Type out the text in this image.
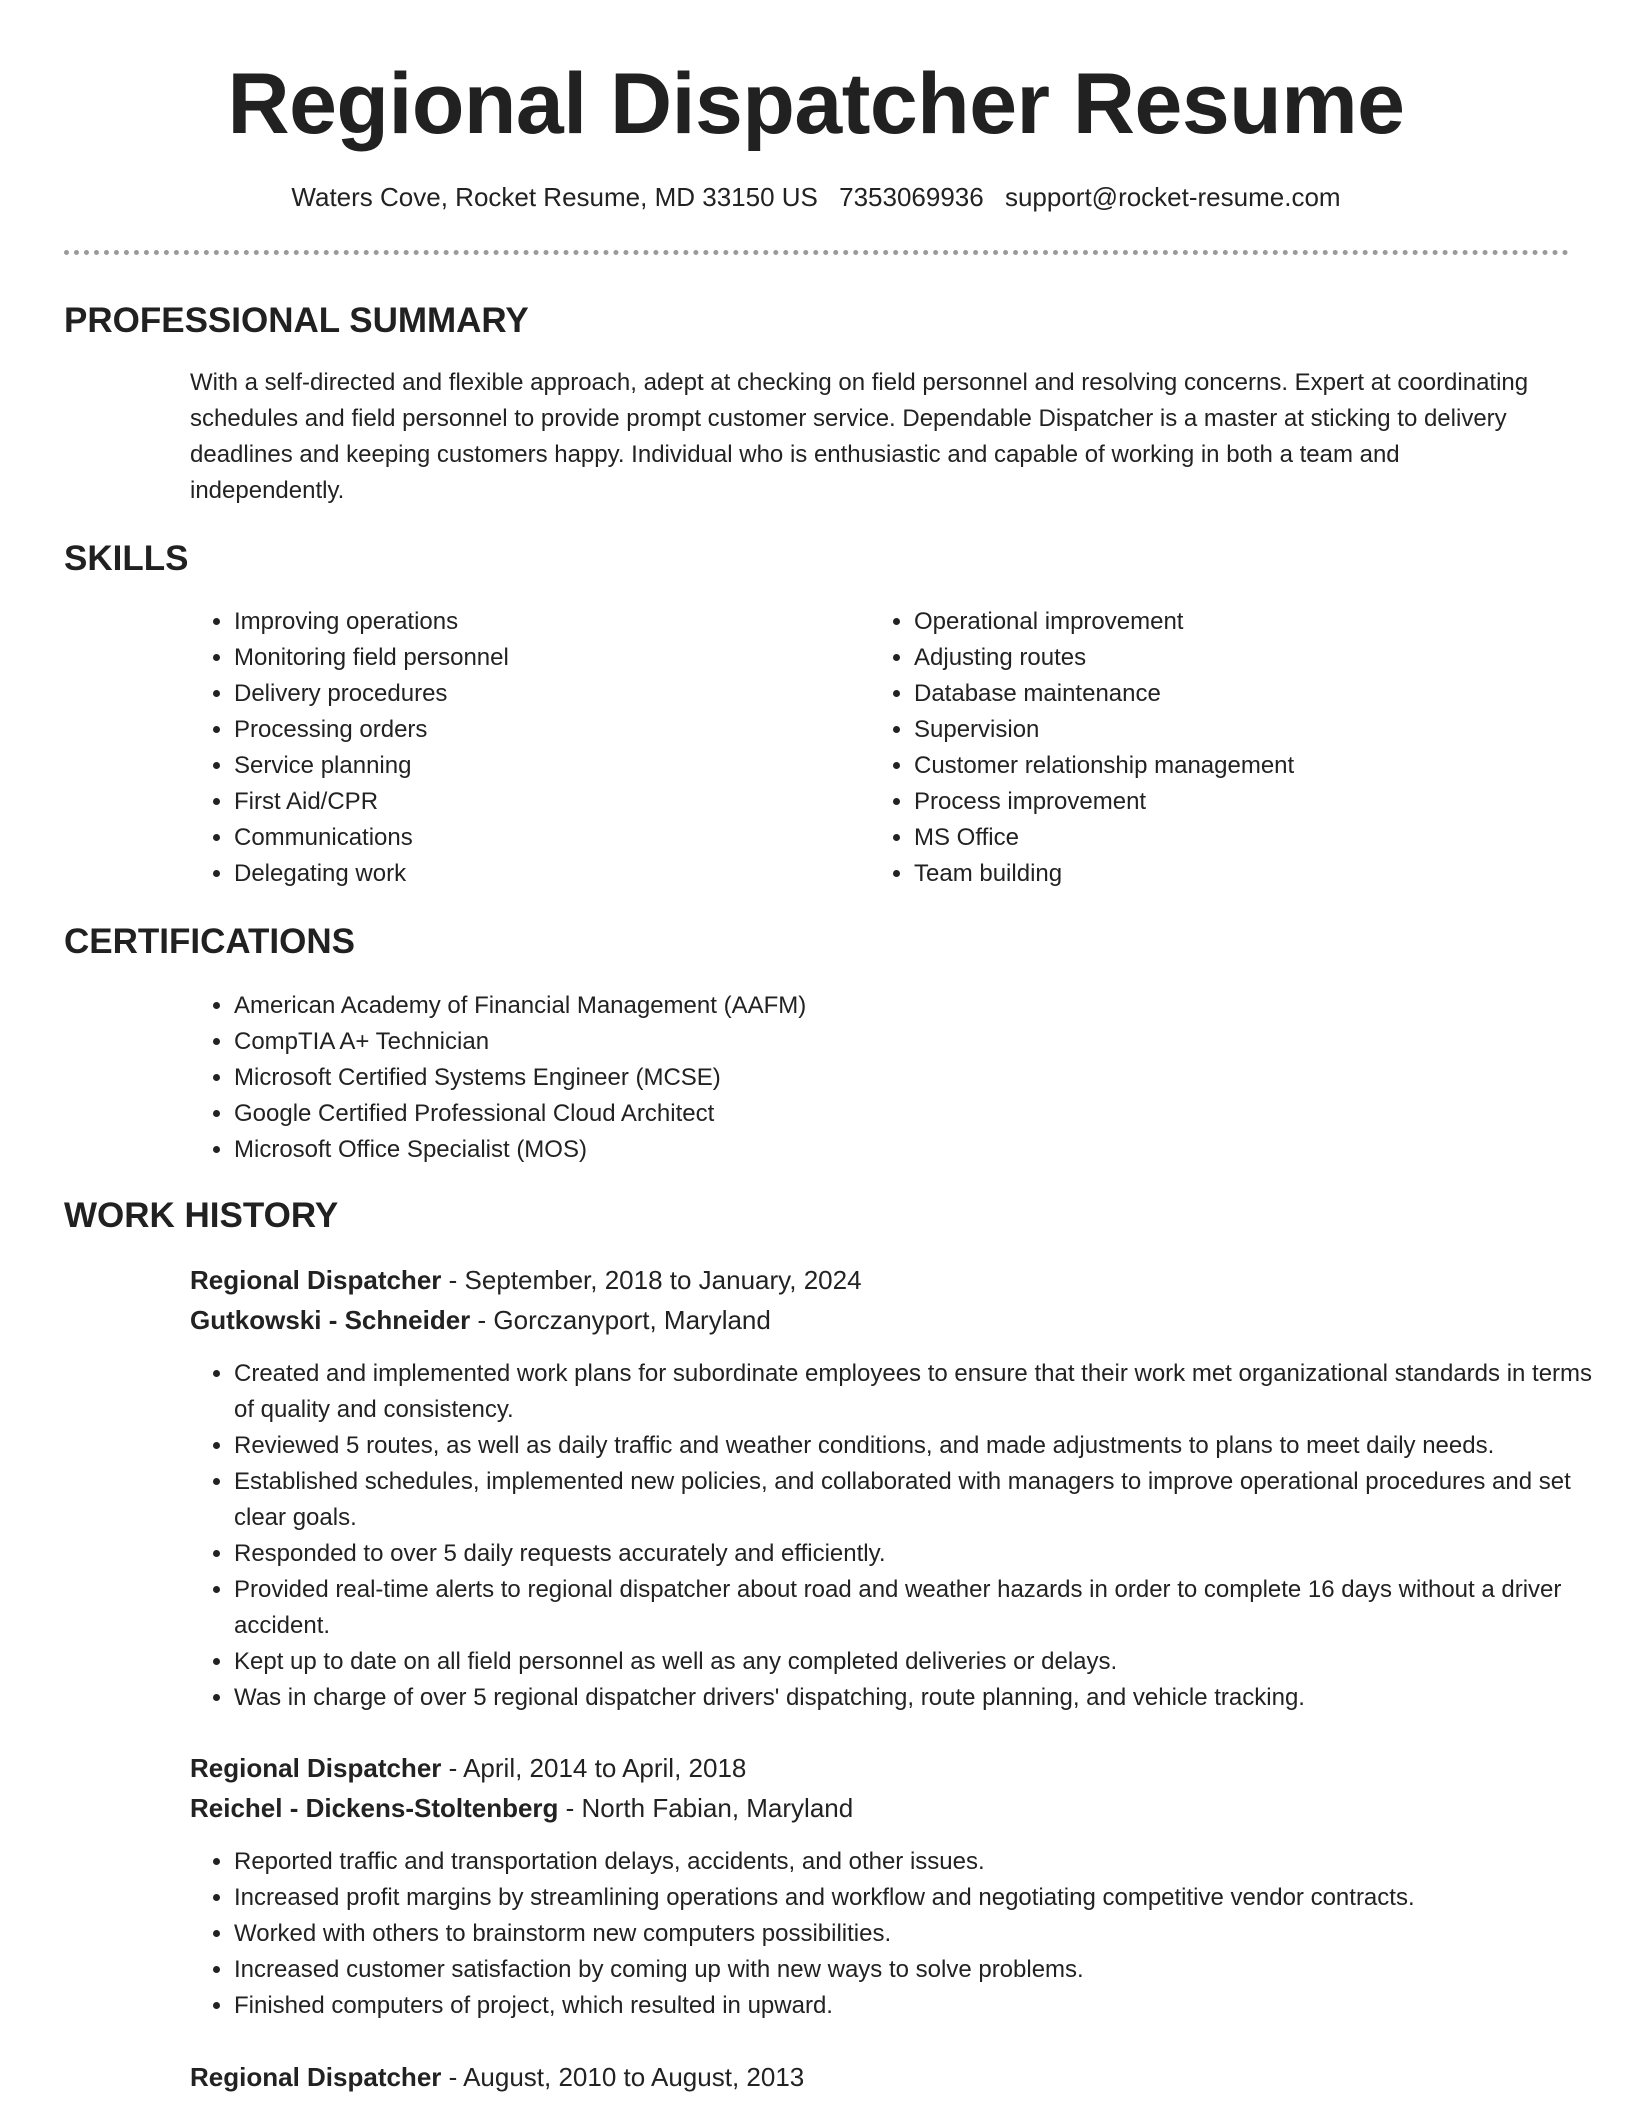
Regional Dispatcher Resume
Waters Cove, Rocket Resume, MD 33150 US 7353069936 support@rocket-resume.com
PROFESSIONAL SUMMARY

With a self-directed and flexible approach, adept at checking on field personnel and resolving concerns. Expert at coordinating schedules and field personnel to provide prompt customer service. Dependable Dispatcher is a master at sticking to delivery deadlines and keeping customers happy. Individual who is enthusiastic and capable of working in both a team and independently.

SKILLS
• Improving operations
• Monitoring field personnel
• Delivery procedures
• Processing orders
• Service planning
• First Aid/CPR
• Communications
• Delegating work
• Operational improvement
• Adjusting routes
• Database maintenance
• Supervision
• Customer relationship management
• Process improvement
• MS Office
• Team building
CERTIFICATIONS
• American Academy of Financial Management (AAFM)
• CompTIA A+ Technician
• Microsoft Certified Systems Engineer (MCSE)
• Google Certified Professional Cloud Architect
• Microsoft Office Specialist (MOS)
WORK HISTORY
Regional Dispatcher - September, 2018 to January, 2024
Gutkowski - Schneider - Gorczanyport, Maryland
• Created and implemented work plans for subordinate employees to ensure that their work met organizational standards in terms of quality and consistency.
• Reviewed 5 routes, as well as daily traffic and weather conditions, and made adjustments to plans to meet daily needs.
• Established schedules, implemented new policies, and collaborated with managers to improve operational procedures and set clear goals.
• Responded to over 5 daily requests accurately and efficiently.
• Provided real-time alerts to regional dispatcher about road and weather hazards in order to complete 16 days without a driver accident.
• Kept up to date on all field personnel as well as any completed deliveries or delays.
• Was in charge of over 5 regional dispatcher drivers' dispatching, route planning, and vehicle tracking.
Regional Dispatcher - April, 2014 to April, 2018
Reichel - Dickens-Stoltenberg - North Fabian, Maryland
• Reported traffic and transportation delays, accidents, and other issues.
• Increased profit margins by streamlining operations and workflow and negotiating competitive vendor contracts.
• Worked with others to brainstorm new computers possibilities.
• Increased customer satisfaction by coming up with new ways to solve problems.
• Finished computers of project, which resulted in upward.
Regional Dispatcher - August, 2010 to August, 2013
